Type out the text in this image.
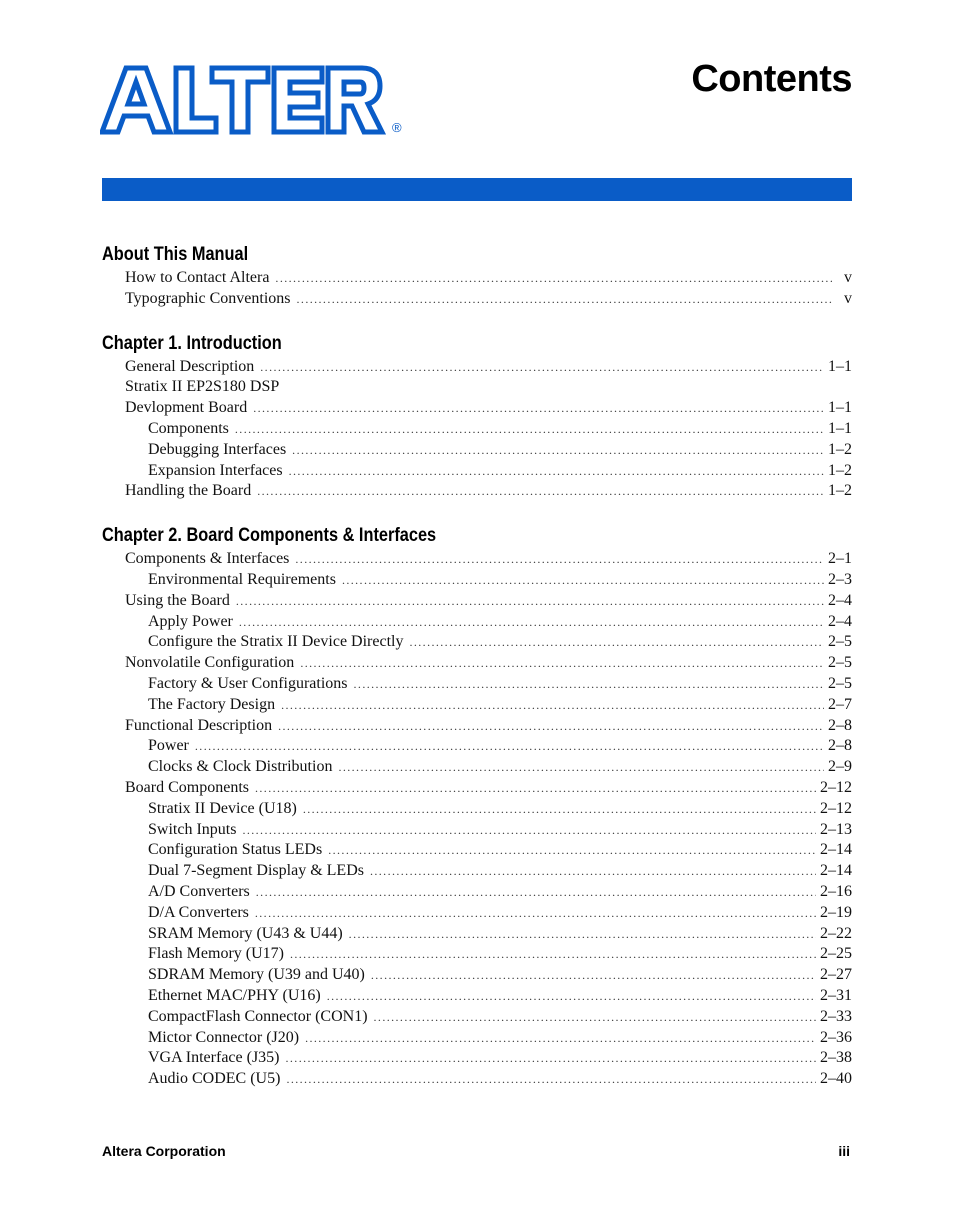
®
Contents
About This Manual
How to Contact Altera .....	v
Typographic Conventions .....	v
Chapter 1. Introduction
General Description .....	1–1
Stratix II EP2S180 DSP
Devlopment Board .....	1–1
Components .....	1–1
Debugging Interfaces .....	1–2
Expansion Interfaces .....	1–2
Handling the Board .....	1–2
Chapter 2. Board Components & Interfaces
Components & Interfaces .....	2–1
Environmental Requirements .....	2–3
Using the Board .....	2–4
Apply Power .....	2–4
Configure the Stratix II Device Directly .....	2–5
Nonvolatile Configuration .....	2–5
Factory & User Configurations .....	2–5
The Factory Design .....	2–7
Functional Description .....	2–8
Power .....	2–8
Clocks & Clock Distribution .....	2–9
Board Components .....	2–12
Stratix II Device (U18) .....	2–12
Switch Inputs .....	2–13
Configuration Status LEDs .....	2–14
Dual 7-Segment Display & LEDs .....	2–14
A/D Converters .....	2–16
D/A Converters .....	2–19
SRAM Memory (U43 & U44) .....	2–22
Flash Memory (U17) .....	2–25
SDRAM Memory (U39 and U40) .....	2–27
Ethernet MAC/PHY (U16) .....	2–31
CompactFlash Connector (CON1) .....	2–33
Mictor Connector (J20) .....	2–36
VGA Interface (J35) .....	2–38
Audio CODEC (U5) .....	2–40
Altera Corporation	iii
